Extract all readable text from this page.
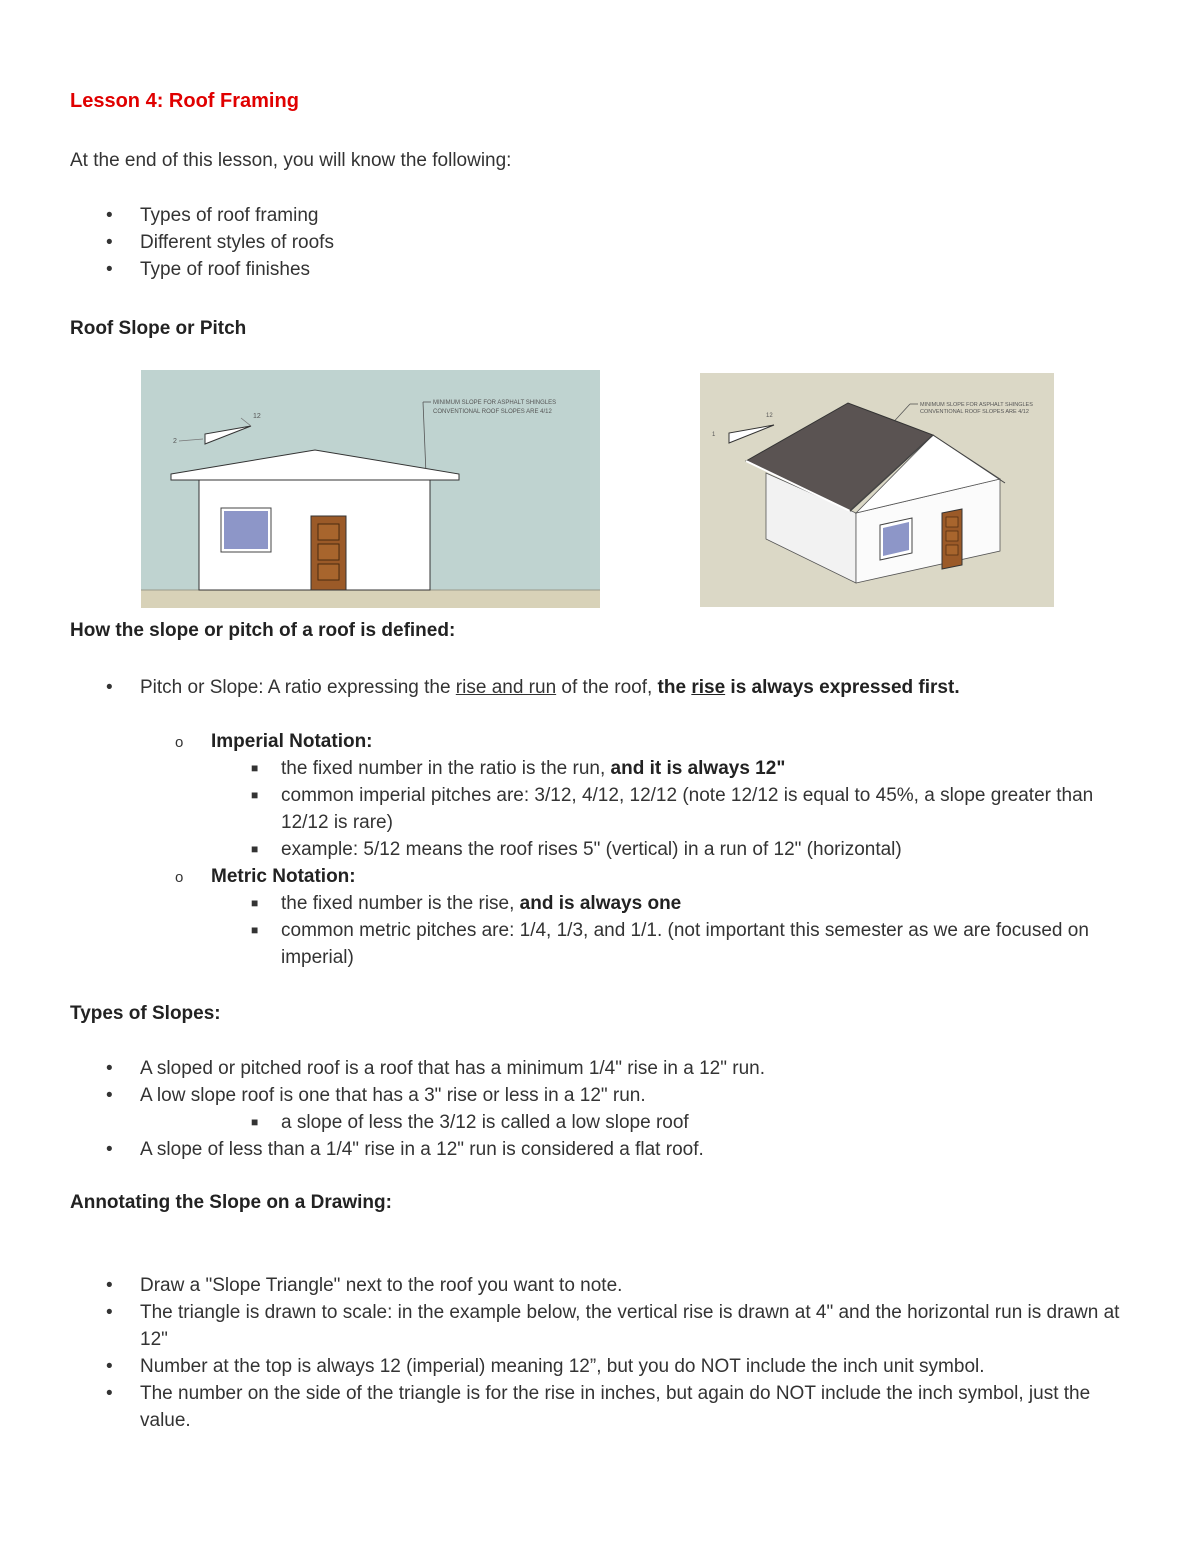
Lesson 4: Roof Framing
At the end of this lesson, you will know the following:
• Types of roof framing
• Different styles of roofs
• Type of roof finishes
Roof Slope or Pitch
12
2
MINIMUM SLOPE FOR ASPHALT SHINGLES
CONVENTIONAL ROOF SLOPES ARE 4/12
12
1
MINIMUM SLOPE FOR ASPHALT SHINGLES
CONVENTIONAL ROOF SLOPES ARE 4/12
How the slope or pitch of a roof is defined:
• Pitch or Slope: A ratio expressing the rise and run of the roof, the rise is always expressed first.
o Imperial Notation:
■ the fixed number in the ratio is the run, and it is always 12"
■ common imperial pitches are: 3/12, 4/12, 12/12 (note 12/12 is equal to 45%, a slope greater than 12/12 is rare)
■ example: 5/12 means the roof rises 5" (vertical) in a run of 12" (horizontal)
o Metric Notation:
■ the fixed number is the rise, and is always one
■ common metric pitches are: 1/4, 1/3, and 1/1. (not important this semester as we are focused on imperial)
Types of Slopes:
• A sloped or pitched roof is a roof that has a minimum 1/4" rise in a 12" run.
• A low slope roof is one that has a 3" rise or less in a 12" run.
■ a slope of less the 3/12 is called a low slope roof
• A slope of less than a 1/4" rise in a 12" run is considered a flat roof.
Annotating the Slope on a Drawing:
• Draw a "Slope Triangle" next to the roof you want to note.
• The triangle is drawn to scale: in the example below, the vertical rise is drawn at 4" and the horizontal run is drawn at 12"
• Number at the top is always 12 (imperial) meaning 12”, but you do NOT include the inch unit symbol.
• The number on the side of the triangle is for the rise in inches, but again do NOT include the inch symbol, just the value.
